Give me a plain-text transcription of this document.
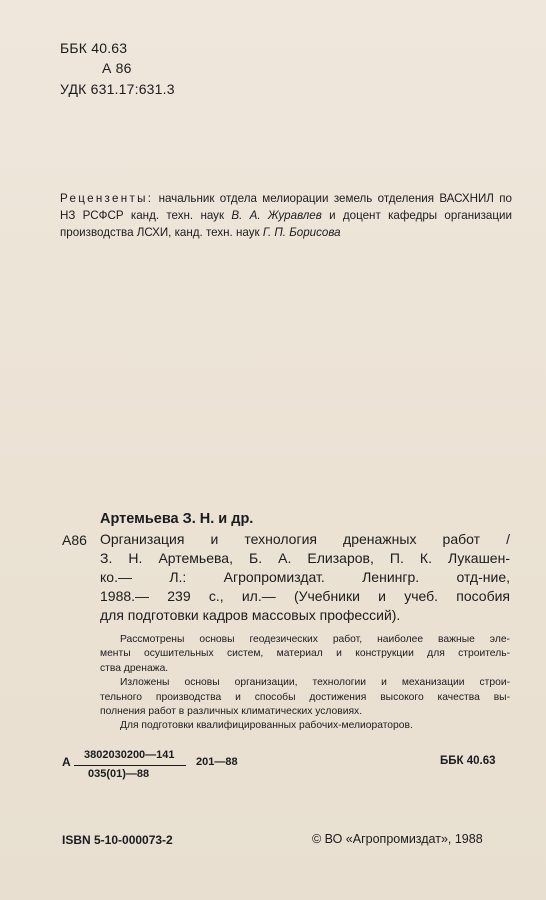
ББК 40.63
А 86
УДК 631.17:631.3
Рецензенты: начальник отдела мелиорации земель отделения ВАСХНИЛ по НЗ РСФСР канд. техн. наук В. А. Журавлев и доцент кафедры организации производства ЛСХИ, канд. техн. наук Г. П. Борисова
Артемьева З. Н. и др.
А86 Организация и технология дренажных работ /
З. Н. Артемьева, Б. А. Елизаров, П. К. Лукашен-
ко.— Л.: Агропромиздат. Ленингр. отд-ние,
1988.— 239 с., ил.— (Учебники и учеб. пособия
для подготовки кадров массовых профессий).
Рассмотрены основы геодезических работ, наиболее важные эле-
менты осушительных систем, материал и конструкции для строитель-
ства дренажа.
Изложены основы организации, технологии и механизации строи-
тельного производства и способы достижения высокого качества вы-
полнения работ в различных климатических условиях.
Для подготовки квалифицированных рабочих-мелиораторов.
А 3802030200—141
035(01)—88
201—88	ББК 40.63
ISBN 5-10-000073-2	© ВО «Агропромиздат», 1988
